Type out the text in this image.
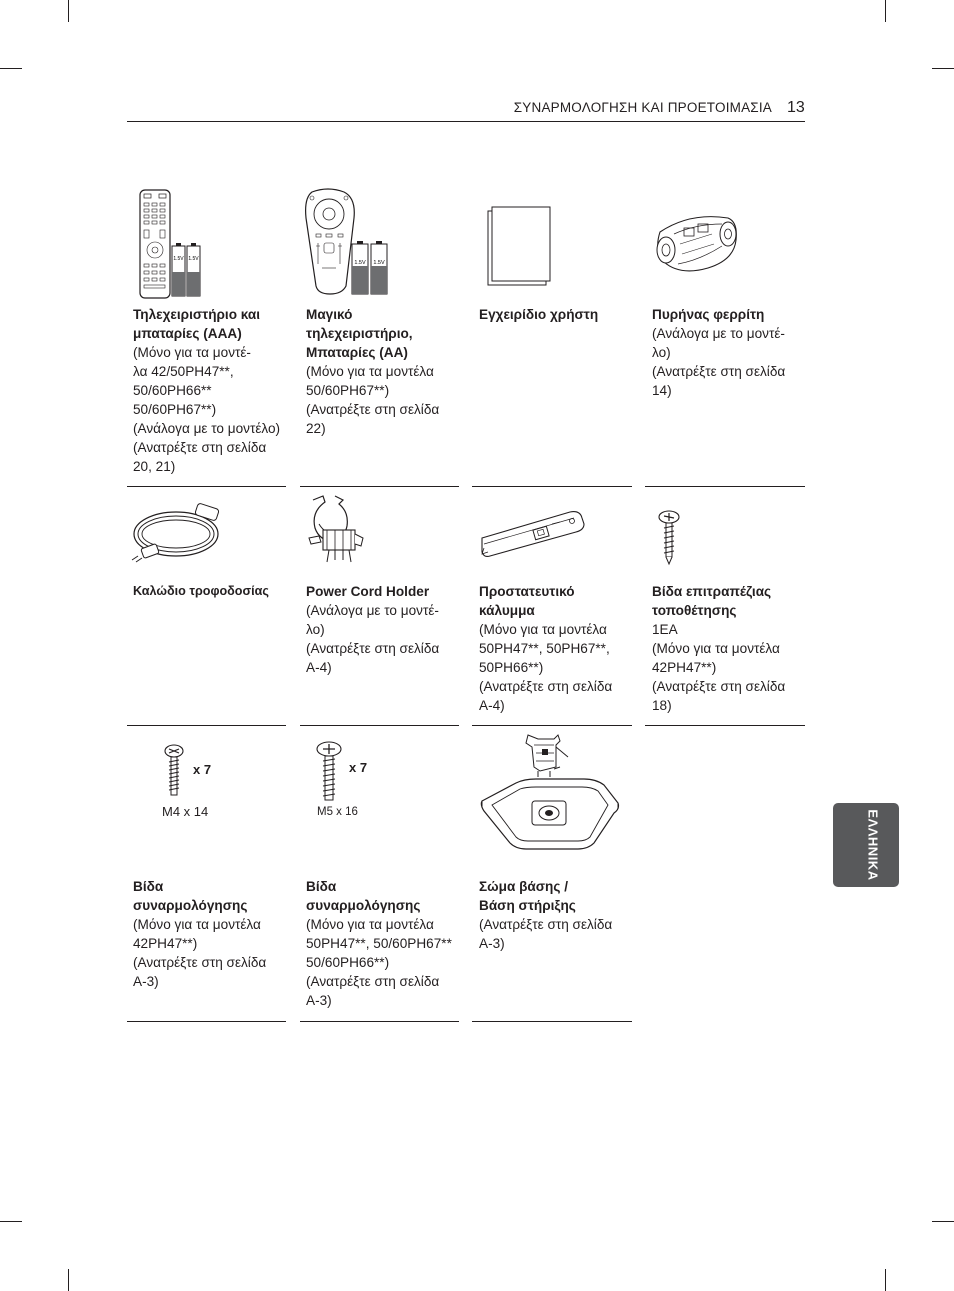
ΣΥΝΑΡΜΟΛΟΓΗΣΗ ΚΑΙ ΠΡΟΕΤΟΙΜΑΣΙΑ 13
1.5V 1.5V
Τηλεχειριστήριο και μπαταρίες (AAA)
(Μόνο για τα μοντέ-
λα 42/50PH47**,
50/60PH66**
50/60PH67**)
(Ανάλογα με το μοντέλο)
(Ανατρέξτε στη σελίδα
20, 21)
1.5V 1.5V
Μαγικό
τηλεχειριστήριο,
Μπαταρίες (AA)
(Μόνο για τα μοντέλα
50/60PH67**)
(Ανατρέξτε στη σελίδα
22)
Εγχειρίδιο χρήστη	Πυρήνας φερρίτη
(Ανάλογα με το μοντέ-
λο)
(Ανατρέξτε στη σελίδα
14)
Καλώδιο τροφοδοσίας	Power Cord Holder
(Ανάλογα με το μοντέ-
λο)
(Ανατρέξτε στη σελίδα
A-4)
Προστατευτικό
κάλυμμα
(Μόνο για τα μοντέλα
50PH47**, 50PH67**,
50PH66**)
(Ανατρέξτε στη σελίδα
A-4)
Βίδα επιτραπέζιας
τοποθέτησης
1EA
(Μόνο για τα μοντέλα
42PH47**)
(Ανατρέξτε στη σελίδα
18)
x 7
M4 x 14
Βίδα
συναρμολόγησης
(Μόνο για τα μοντέλα
42PH47**)
(Ανατρέξτε στη σελίδα
A-3)
x 7
M5 x 16
Βίδα
συναρμολόγησης
(Μόνο για τα μοντέλα
50PH47**, 50/60PH67**
50/60PH66**)
(Ανατρέξτε στη σελίδα
A-3)
Σώμα βάσης /
Βάση στήριξης
(Ανατρέξτε στη σελίδα
A-3)
ΕΛΛΗΝΙΚΑ
